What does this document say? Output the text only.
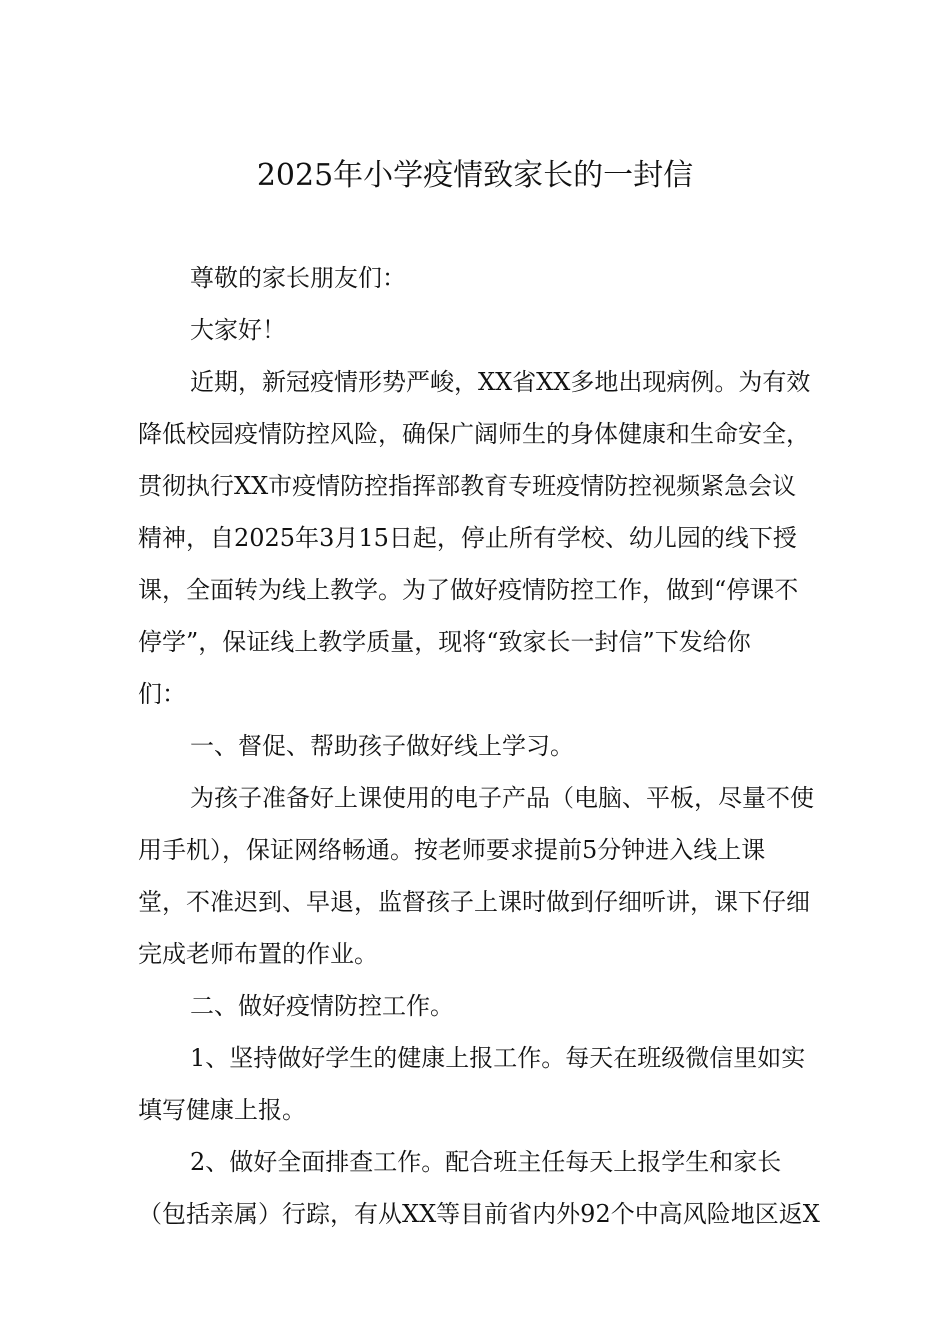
2025年小学疫情致家长的一封信
尊敬的家长朋友们：
大家好！
近期，新冠疫情形势严峻，XX省XX多地出现病例。为有效
降低校园疫情防控风险，确保广阔师生的身体健康和生命安全，
贯彻执行XX市疫情防控指挥部教育专班疫情防控视频紧急会议
精神，自2025年3月15日起，停止所有学校、幼儿园的线下授
课，全面转为线上教学。为了做好疫情防控工作，做到“停课不
停学”，保证线上教学质量，现将“致家长一封信”下发给你
们：
一、督促、帮助孩子做好线上学习。
为孩子准备好上课使用的电子产品（电脑、平板，尽量不使
用手机），保证网络畅通。按老师要求提前5分钟进入线上课
堂，不准迟到、早退，监督孩子上课时做到仔细听讲，课下仔细
完成老师布置的作业。
二、做好疫情防控工作。
1、坚持做好学生的健康上报工作。每天在班级微信里如实
填写健康上报。
2、做好全面排查工作。配合班主任每天上报学生和家长
（包括亲属）行踪，有从XX等目前省内外92个中高风险地区返X
